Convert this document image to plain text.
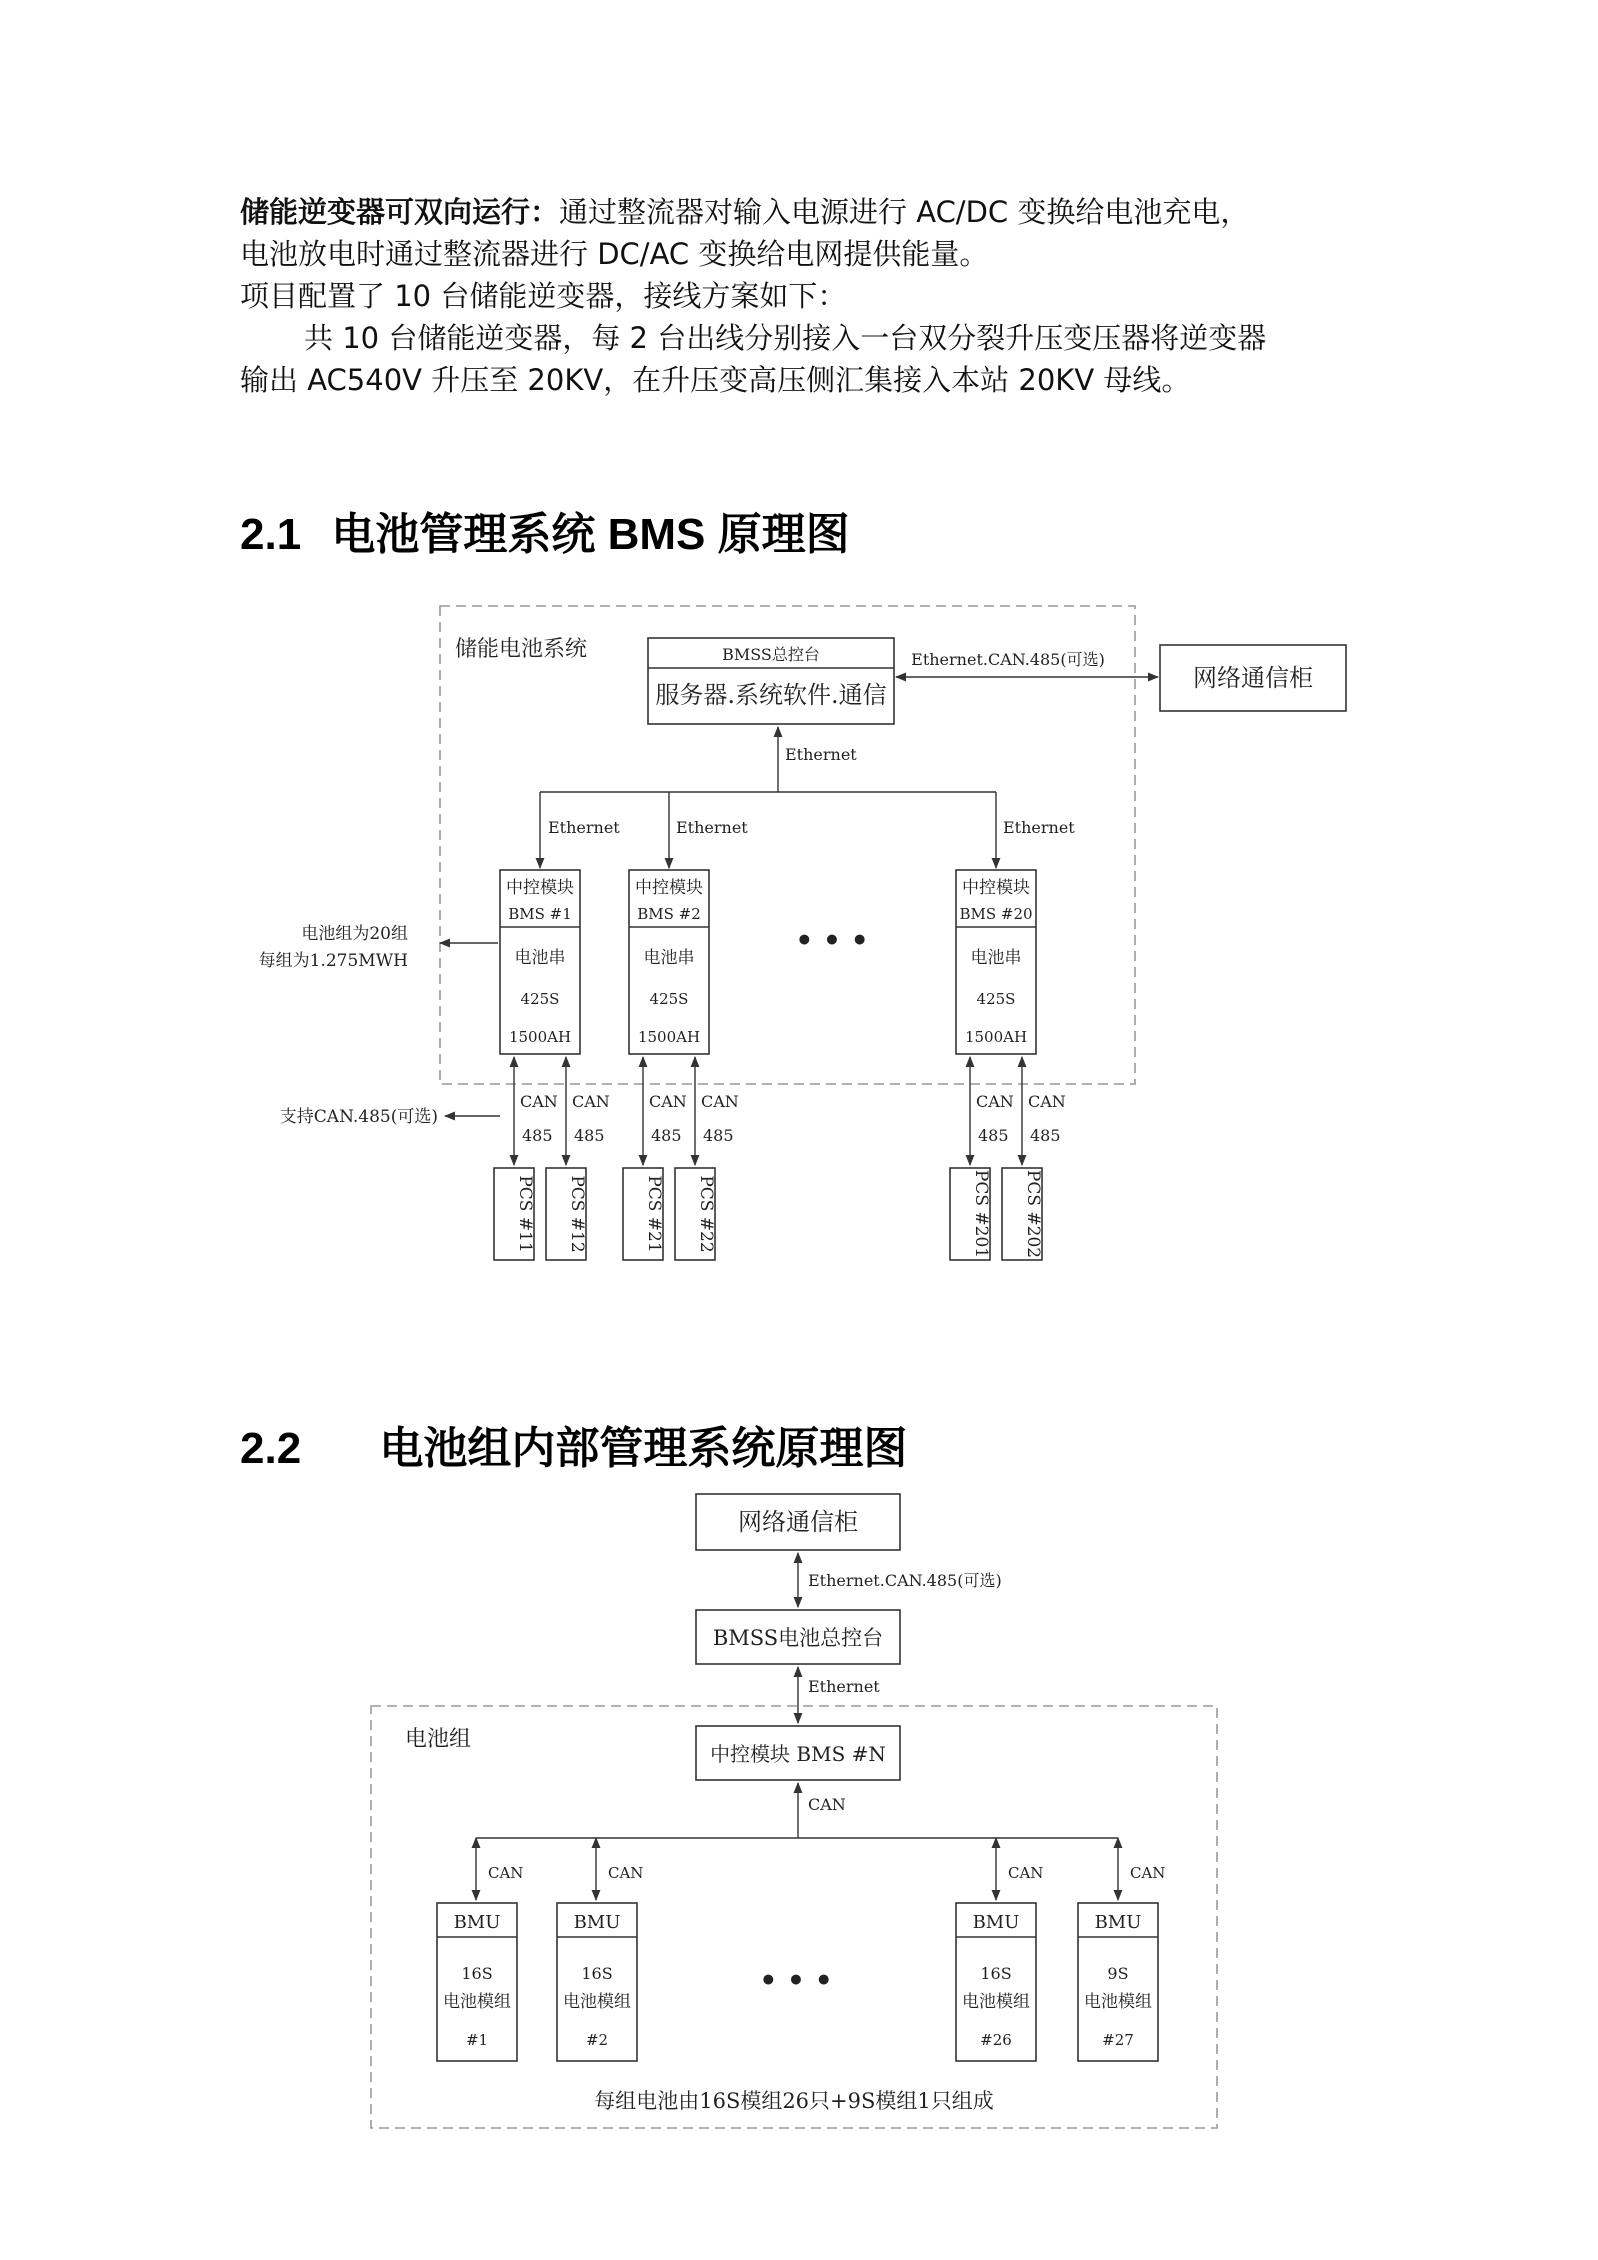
储能逆变器可双向运行：通过整流器对输入电源进行 AC/DC 变换给电池充电，
电池放电时通过整流器进行 DC/AC 变换给电网提供能量。
项目配置了 10 台储能逆变器，接线方案如下：
共 10 台储能逆变器，每 2 台出线分别接入一台双分裂升压变压器将逆变器
输出 AC540V 升压至 20KV，在升压变高压侧汇集接入本站 20KV 母线。
2.1 电池管理系统 BMS 原理图
2.2 电池组内部管理系统原理图
储能电池系统	BMSS总控台
服务器.系统软件.通信
网络通信柜
Ethernet.CAN.485(可选)
Ethernet
Ethernet	Ethernet	Ethernet
中控模块
BMS #1
电池串
425S
1500AH
中控模块
BMS #2
电池串
425S
1500AH
中控模块
BMS #20
电池串
425S
1500AH
• • •
电池组为20组
每组为1.275MWH
支持CAN.485(可选)
CAN
485
CAN
485
PCS #11 PCS #12
CAN
485
CAN
485
PCS #21 PCS #22
CAN
485
CAN
485
PCS #201 PCS #202
网络通信柜
Ethernet.CAN.485(可选)
BMSS电池总控台
Ethernet
电池组
中控模块 BMS #N
CAN
CAN	CAN	CAN	CAN
BMU
16S
电池模组
#1
BMU
16S
电池模组
#2
BMU
16S
电池模组
#26
BMU
9S
电池模组
#27
• • •
每组电池由16S模组26只+9S模组1只组成
